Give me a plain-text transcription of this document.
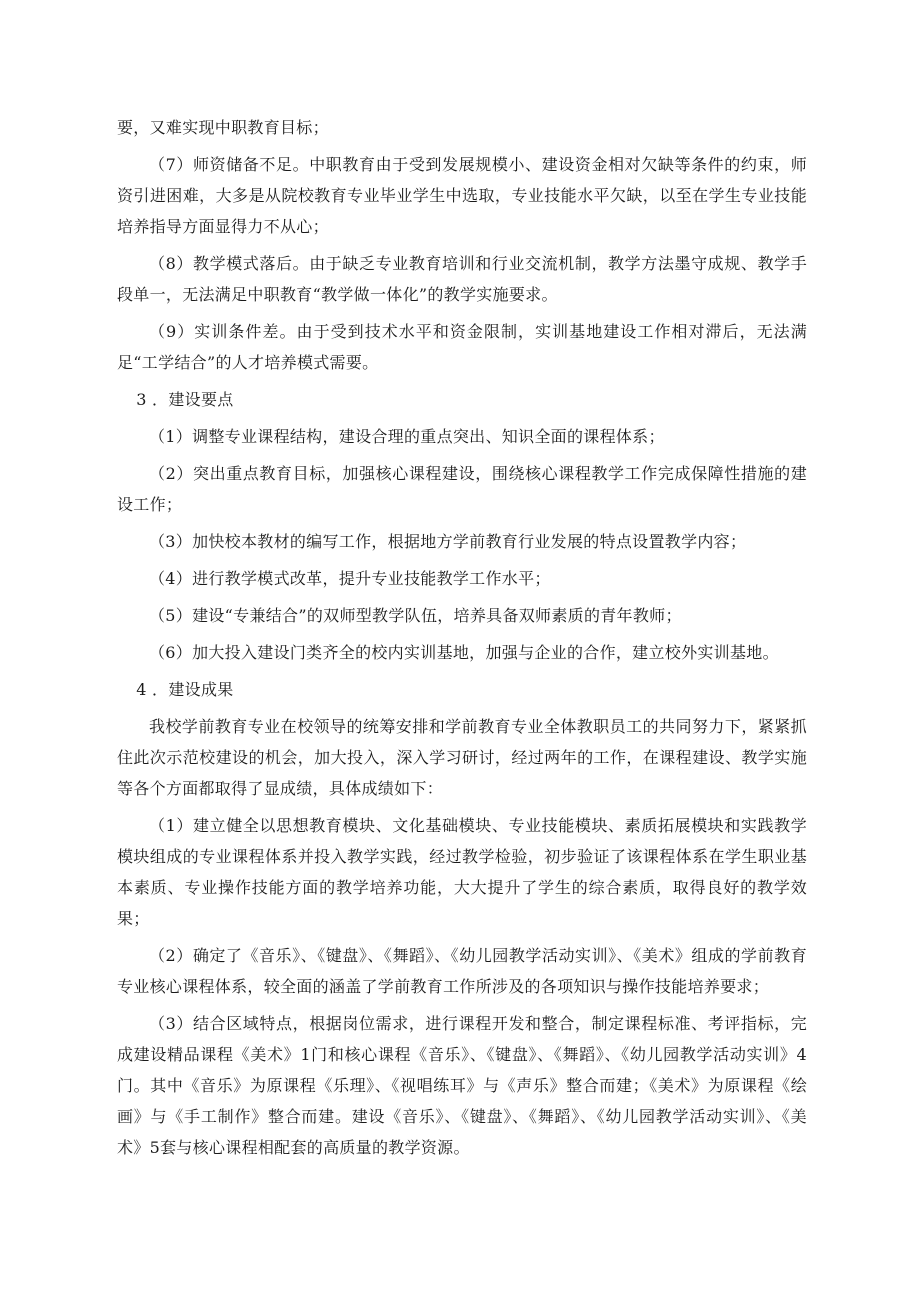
要，又难实现中职教育目标；

（7）师资储备不足。中职教育由于受到发展规模小、建设资金相对欠缺等条件的约束，师资引进困难，大多是从院校教育专业毕业学生中选取，专业技能水平欠缺，以至在学生专业技能培养指导方面显得力不从心；

（8）教学模式落后。由于缺乏专业教育培训和行业交流机制，教学方法墨守成规、教学手段单一，无法满足中职教育“教学做一体化”的教学实施要求。

（9）实训条件差。由于受到技术水平和资金限制，实训基地建设工作相对滞后，无法满足“工学结合”的人才培养模式需要。

3 ．建设要点

（1）调整专业课程结构，建设合理的重点突出、知识全面的课程体系；

（2）突出重点教育目标，加强核心课程建设，围绕核心课程教学工作完成保障性措施的建设工作；

（3）加快校本教材的编写工作，根据地方学前教育行业发展的特点设置教学内容；

（4）进行教学模式改革，提升专业技能教学工作水平；

（5）建设“专兼结合”的双师型教学队伍，培养具备双师素质的青年教师；

（6）加大投入建设门类齐全的校内实训基地，加强与企业的合作，建立校外实训基地。

4 ．建设成果

我校学前教育专业在校领导的统筹安排和学前教育专业全体教职员工的共同努力下，紧紧抓住此次示范校建设的机会，加大投入，深入学习研讨，经过两年的工作，在课程建设、教学实施等各个方面都取得了显成绩，具体成绩如下：

（1）建立健全以思想教育模块、文化基础模块、专业技能模块、素质拓展模块和实践教学模块组成的专业课程体系并投入教学实践，经过教学检验，初步验证了该课程体系在学生职业基本素质、专业操作技能方面的教学培养功能，大大提升了学生的综合素质，取得良好的教学效果；

（2）确定了《音乐》、《键盘》、《舞蹈》、《幼儿园教学活动实训》、《美术》组成的学前教育专业核心课程体系，较全面的涵盖了学前教育工作所涉及的各项知识与操作技能培养要求；

（3）结合区域特点，根据岗位需求，进行课程开发和整合，制定课程标准、考评指标，完成建设精品课程《美术》1门和核心课程《音乐》、《键盘》、《舞蹈》、《幼儿园教学活动实训》4门。其中《音乐》为原课程《乐理》、《视唱练耳》与《声乐》整合而建；《美术》为原课程《绘画》与《手工制作》整合而建。建设《音乐》、《键盘》、《舞蹈》、《幼儿园教学活动实训》、《美术》5套与核心课程相配套的高质量的教学资源。
